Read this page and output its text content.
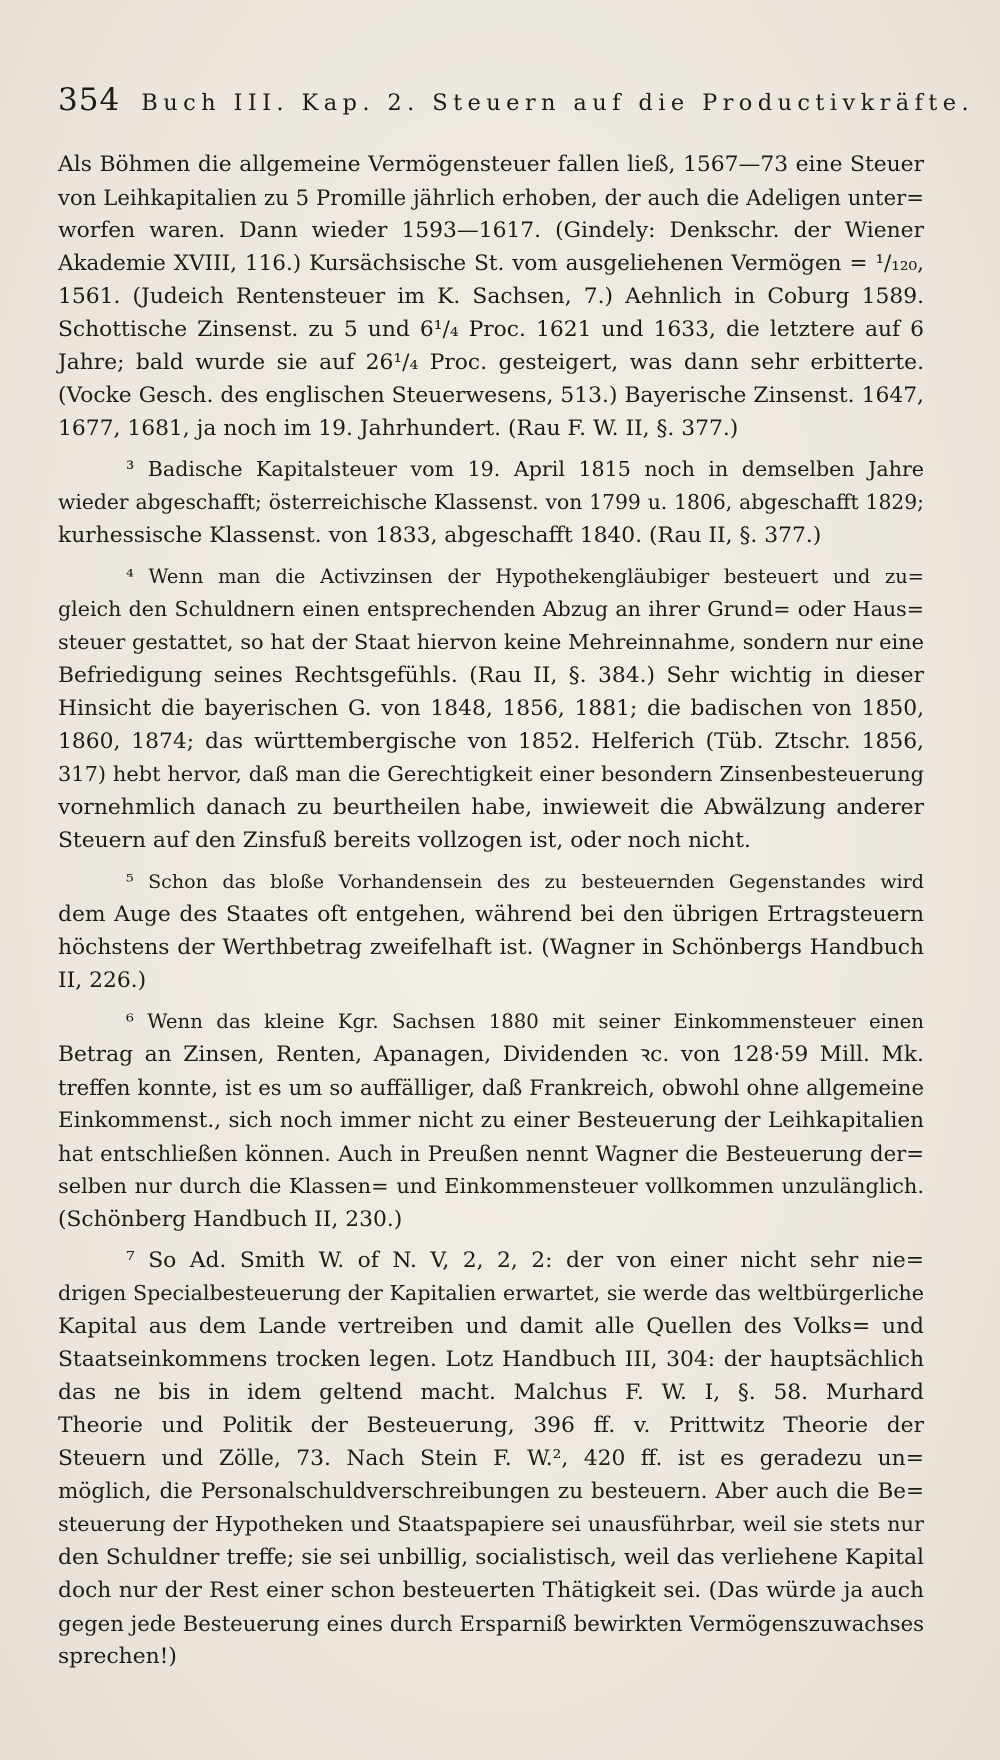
354 Buch III. Kap. 2. Steuern auf die Productivkräfte.
Als Böhmen die allgemeine Vermögensteuer fallen ließ, 1567—73 eine Steuer
von Leihkapitalien zu 5 Promille jährlich erhoben, der auch die Adeligen unter=
worfen waren. Dann wieder 1593—1617. (Gindely: Denkschr. der Wiener
Akademie XVIII, 116.) Kursächsische St. vom ausgeliehenen Vermögen = ¹/₁₂₀,
1561. (Judeich Rentensteuer im K. Sachsen, 7.) Aehnlich in Coburg 1589.
Schottische Zinsenst. zu 5 und 6¹/₄ Proc. 1621 und 1633, die letztere auf 6
Jahre; bald wurde sie auf 26¹/₄ Proc. gesteigert, was dann sehr erbitterte.
(Vocke Gesch. des englischen Steuerwesens, 513.) Bayerische Zinsenst. 1647,
1677, 1681, ja noch im 19. Jahrhundert. (Rau F. W. II, §. 377.)
³ Badische Kapitalsteuer vom 19. April 1815 noch in demselben Jahre
wieder abgeschafft; österreichische Klassenst. von 1799 u. 1806, abgeschafft 1829;
kurhessische Klassenst. von 1833, abgeschafft 1840. (Rau II, §. 377.)
⁴ Wenn man die Activzinsen der Hypothekengläubiger besteuert und zu=
gleich den Schuldnern einen entsprechenden Abzug an ihrer Grund= oder Haus=
steuer gestattet, so hat der Staat hiervon keine Mehreinnahme, sondern nur eine
Befriedigung seines Rechtsgefühls. (Rau II, §. 384.) Sehr wichtig in dieser
Hinsicht die bayerischen G. von 1848, 1856, 1881; die badischen von 1850,
1860, 1874; das württembergische von 1852. Helferich (Tüb. Ztschr. 1856,
317) hebt hervor, daß man die Gerechtigkeit einer besondern Zinsenbesteuerung
vornehmlich danach zu beurtheilen habe, inwieweit die Abwälzung anderer
Steuern auf den Zinsfuß bereits vollzogen ist, oder noch nicht.
⁵ Schon das bloße Vorhandensein des zu besteuernden Gegenstandes wird
dem Auge des Staates oft entgehen, während bei den übrigen Ertragsteuern
höchstens der Werthbetrag zweifelhaft ist. (Wagner in Schönbergs Handbuch
II, 226.)
⁶ Wenn das kleine Kgr. Sachsen 1880 mit seiner Einkommensteuer einen
Betrag an Zinsen, Renten, Apanagen, Dividenden ꝛc. von 128·59 Mill. Mk.
treffen konnte, ist es um so auffälliger, daß Frankreich, obwohl ohne allgemeine
Einkommenst., sich noch immer nicht zu einer Besteuerung der Leihkapitalien
hat entschließen können. Auch in Preußen nennt Wagner die Besteuerung der=
selben nur durch die Klassen= und Einkommensteuer vollkommen unzulänglich.
(Schönberg Handbuch II, 230.)
⁷ So Ad. Smith W. of N. V, 2, 2, 2: der von einer nicht sehr nie=
drigen Specialbesteuerung der Kapitalien erwartet, sie werde das weltbürgerliche
Kapital aus dem Lande vertreiben und damit alle Quellen des Volks= und
Staatseinkommens trocken legen. Lotz Handbuch III, 304: der hauptsächlich
das ne bis in idem geltend macht. Malchus F. W. I, §. 58. Murhard
Theorie und Politik der Besteuerung, 396 ff. v. Prittwitz Theorie der
Steuern und Zölle, 73. Nach Stein F. W.², 420 ff. ist es geradezu un=
möglich, die Personalschuldverschreibungen zu besteuern. Aber auch die Be=
steuerung der Hypotheken und Staatspapiere sei unausführbar, weil sie stets nur
den Schuldner treffe; sie sei unbillig, socialistisch, weil das verliehene Kapital
doch nur der Rest einer schon besteuerten Thätigkeit sei. (Das würde ja auch
gegen jede Besteuerung eines durch Ersparniß bewirkten Vermögenszuwachses
sprechen!)
